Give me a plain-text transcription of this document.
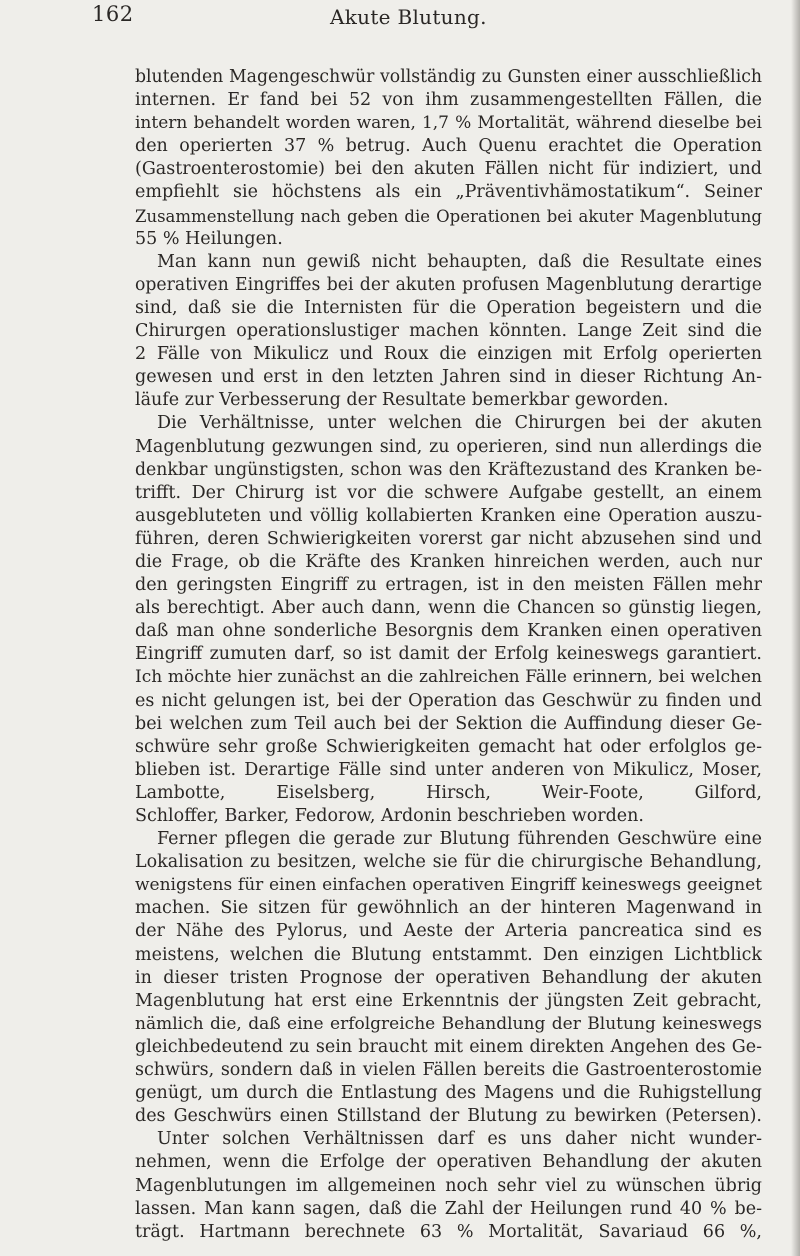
162	Akute Blutung.
blutenden Magengeschwür vollständig zu Gunsten einer ausschließlich
internen. Er fand bei 52 von ihm zusammengestellten Fällen, die
intern behandelt worden waren, 1,7 % Mortalität, während dieselbe bei
den operierten 37 % betrug. Auch Quenu erachtet die Operation
(Gastroenterostomie) bei den akuten Fällen nicht für indiziert, und
empfiehlt sie höchstens als ein „Präventivhämostatikum“. Seiner
Zusammenstellung nach geben die Operationen bei akuter Magenblutung
55 % Heilungen.
Man kann nun gewiß nicht behaupten, daß die Resultate eines
operativen Eingriffes bei der akuten profusen Magenblutung derartige
sind, daß sie die Internisten für die Operation begeistern und die
Chirurgen operationslustiger machen könnten. Lange Zeit sind die
2 Fälle von Mikulicz und Roux die einzigen mit Erfolg operierten
gewesen und erst in den letzten Jahren sind in dieser Richtung An-
läufe zur Verbesserung der Resultate bemerkbar geworden.
Die Verhältnisse, unter welchen die Chirurgen bei der akuten
Magenblutung gezwungen sind, zu operieren, sind nun allerdings die
denkbar ungünstigsten, schon was den Kräftezustand des Kranken be-
trifft. Der Chirurg ist vor die schwere Aufgabe gestellt, an einem
ausgebluteten und völlig kollabierten Kranken eine Operation auszu-
führen, deren Schwierigkeiten vorerst gar nicht abzusehen sind und
die Frage, ob die Kräfte des Kranken hinreichen werden, auch nur
den geringsten Eingriff zu ertragen, ist in den meisten Fällen mehr
als berechtigt. Aber auch dann, wenn die Chancen so günstig liegen,
daß man ohne sonderliche Besorgnis dem Kranken einen operativen
Eingriff zumuten darf, so ist damit der Erfolg keineswegs garantiert.
Ich möchte hier zunächst an die zahlreichen Fälle erinnern, bei welchen
es nicht gelungen ist, bei der Operation das Geschwür zu finden und
bei welchen zum Teil auch bei der Sektion die Auffindung dieser Ge-
schwüre sehr große Schwierigkeiten gemacht hat oder erfolglos ge-
blieben ist. Derartige Fälle sind unter anderen von Mikulicz, Moser,
Lambotte, Eiselsberg, Hirsch, Weir-Foote, Gilford,
Schloffer, Barker, Fedorow, Ardonin beschrieben worden.
Ferner pflegen die gerade zur Blutung führenden Geschwüre eine
Lokalisation zu besitzen, welche sie für die chirurgische Behandlung,
wenigstens für einen einfachen operativen Eingriff keineswegs geeignet
machen. Sie sitzen für gewöhnlich an der hinteren Magenwand in
der Nähe des Pylorus, und Aeste der Arteria pancreatica sind es
meistens, welchen die Blutung entstammt. Den einzigen Lichtblick
in dieser tristen Prognose der operativen Behandlung der akuten
Magenblutung hat erst eine Erkenntnis der jüngsten Zeit gebracht,
nämlich die, daß eine erfolgreiche Behandlung der Blutung keineswegs
gleichbedeutend zu sein braucht mit einem direkten Angehen des Ge-
schwürs, sondern daß in vielen Fällen bereits die Gastroenterostomie
genügt, um durch die Entlastung des Magens und die Ruhigstellung
des Geschwürs einen Stillstand der Blutung zu bewirken (Petersen).
Unter solchen Verhältnissen darf es uns daher nicht wunder-
nehmen, wenn die Erfolge der operativen Behandlung der akuten
Magenblutungen im allgemeinen noch sehr viel zu wünschen übrig
lassen. Man kann sagen, daß die Zahl der Heilungen rund 40 % be-
trägt. Hartmann berechnete 63 % Mortalität, Savariaud 66 %,
